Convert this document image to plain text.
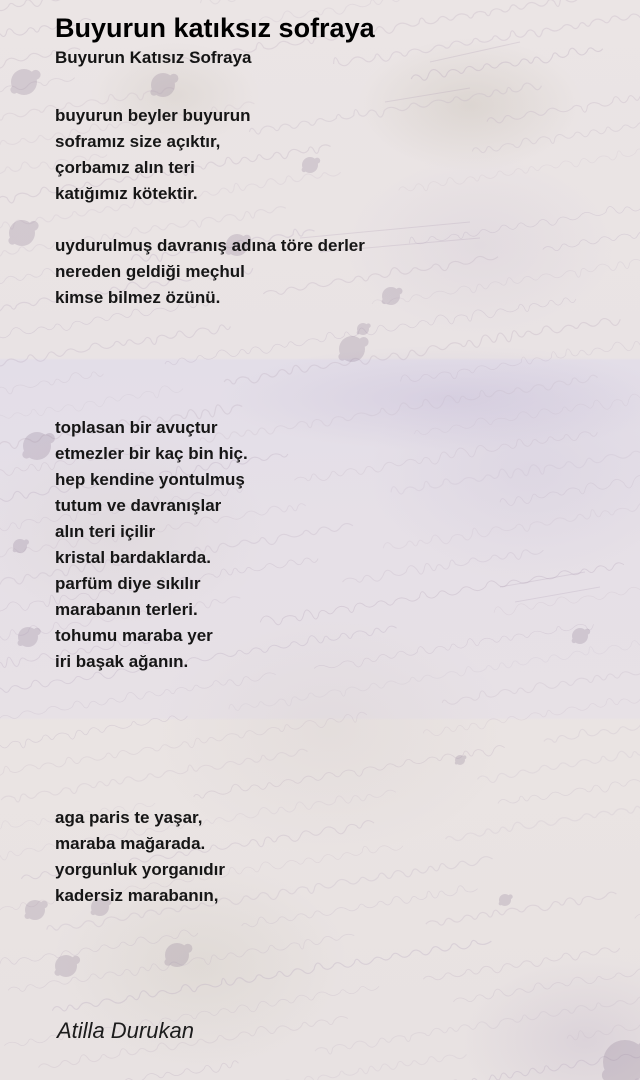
Buyurun katıksız sofraya
Buyurun Katısız Sofraya
buyurun beyler buyurun
soframız size açıktır,
çorbamız alın teri
katığımız kötektir.
uydurulmuş davranış adına töre derler
nereden geldiği meçhul
kimse bilmez özünü.
toplasan bir avuçtur
etmezler bir kaç bin hiç.
hep kendine yontulmuş
tutum ve davranışlar
alın teri içilir
kristal bardaklarda.
parfüm diye sıkılır
marabanın terleri.
tohumu maraba yer
iri başak ağanın.
aga paris te yaşar,
maraba mağarada.
yorgunluk yorganıdır
kadersiz marabanın,
Atilla Durukan
